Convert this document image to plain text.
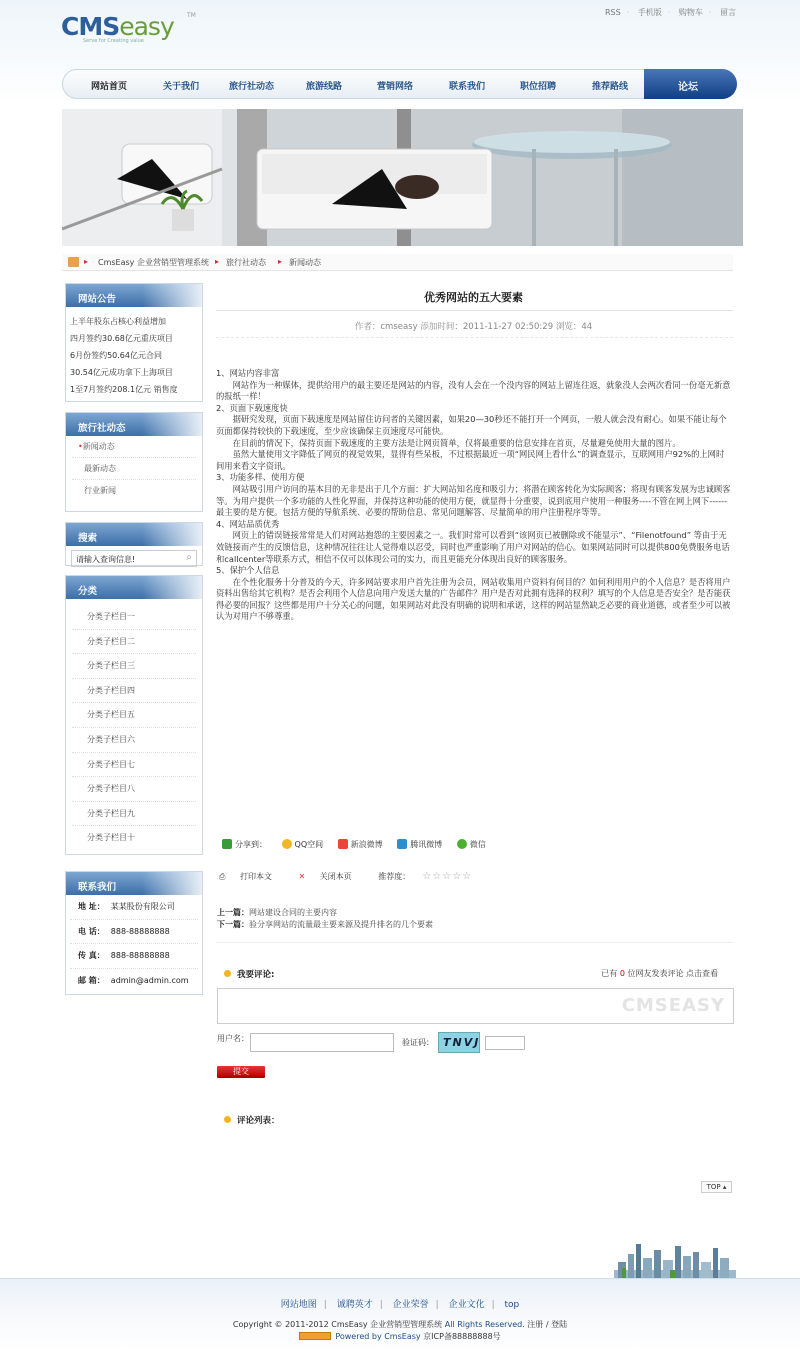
CMSeasy TM
Serve for Creating value
RSS · 手机版 · 购物车 · 留言
网站首页	关于我们	旅行社动态	旅游线路	营销网络	联系我们	职位招聘	推荐路线	论坛
▸ CmsEasy 企业营销型管理系统 ▸ 旅行社动态 ▸ 新闻动态
网站公告
上半年股东占核心利益增加
四月签约30.68亿元重庆项目
6月份签约50.64亿元合同
30.54亿元成功拿下上海项目
1至7月签约208.1亿元 销售度
旅行社动态
•新闻动态
最新动态
行业新闻
搜索
请输入查询信息!	⌕
分类
分类子栏目一
分类子栏目二
分类子栏目三
分类子栏目四
分类子栏目五
分类子栏目六
分类子栏目七
分类子栏目八
分类子栏目九
分类子栏目十
联系我们
地 址： 某某股份有限公司
电 话： 888-88888888
传 真： 888-88888888
邮 箱： admin@admin.com
优秀网站的五大要素
作者：cmseasy 添加时间：2011-11-27 02:50:29 浏览：44

1、网站内容非富

　　网站作为一种媒体，提供给用户的最主要还是网站的内容，没有人会在一个没内容的网站上留连往返，就象没人会两次看同一份毫无新意的报纸一样！

2、页面下载速度快

　　据研究发现，页面下载速度是网站留住访问者的关键因素，如果20—30秒还不能打开一个网页，一般人就会没有耐心。如果不能让每个页面都保持较快的下载速度，至少应该确保主页速度尽可能快。

　　在目前的情况下，保持页面下载速度的主要方法是让网页简单，仅将最重要的信息安排在首页，尽量避免使用大量的图片。

　　虽然大量使用文字降低了网页的视觉效果，显得有些呆板，不过根据最近一项“网民网上看什么”的调查显示，互联网用户92%的上网时间用来看文字资讯。

3、功能多样、使用方便

　　网站吸引用户访问的基本目的无非是出于几个方面：扩大网站知名度和吸引力；将潜在顾客转化为实际顾客；将现有顾客发展为忠诚顾客等。为用户提供一个多功能的人性化界面，并保持这种功能的使用方便，就显得十分重要，说到底用户使用一种服务----不管在网上网下------最主要的是方便。包括方便的导航系统、必要的帮助信息、常见问题解答、尽量简单的用户注册程序等等。

4、网站品质优秀

　　网页上的错误链接常常是人们对网站抱怨的主要因素之一。我们时常可以看到“该网页已被删除或不能显示”、“Filenotfound” 等由于无效链接而产生的反馈信息，这种情况往往让人觉得难以忍受，同时也严重影响了用户对网站的信心。如果网站同时可以提供800免费服务电话和callcenter等联系方式，相信不仅可以体现公司的实力，而且更能充分体现出良好的顾客服务。

5、保护个人信息

　　在个性化服务十分普及的今天，许多网站要求用户首先注册为会员，网站收集用户资料有何目的？如何利用用户的个人信息？是否将用户资料出售给其它机构？是否会利用个人信息向用户发送大量的广告邮件？用户是否对此拥有选择的权利？填写的个人信息是否安全？是否能获得必要的回报？这些都是用户十分关心的问题，如果网站对此没有明确的说明和承诺，这样的网站显然缺乏必要的商业道德，或者至少可以被认为对用户不够尊重。

分享到：	QQ空间	新浪微博	腾讯微博	微信
⎙ 打印本文	✕ 关闭本页	推荐度： ☆☆☆☆☆
上一篇：网站建设合同的主要内容
下一篇：验分享网站的流量最主要来源及提升排名的几个要素
我要评论:	已有 0 位网友发表评论 点击查看
CMSEASY
用户名：	验证码： TNVJ
提交
评论列表：
TOP ▴
网站地图 | 诚聘英才 | 企业荣誉 | 企业文化 | top
Copyright © 2011-2012 CmsEasy 企业营销型管理系统 All Rights Reserved. 注册 / 登陆
Powered by CmsEasy 京ICP备88888888号
